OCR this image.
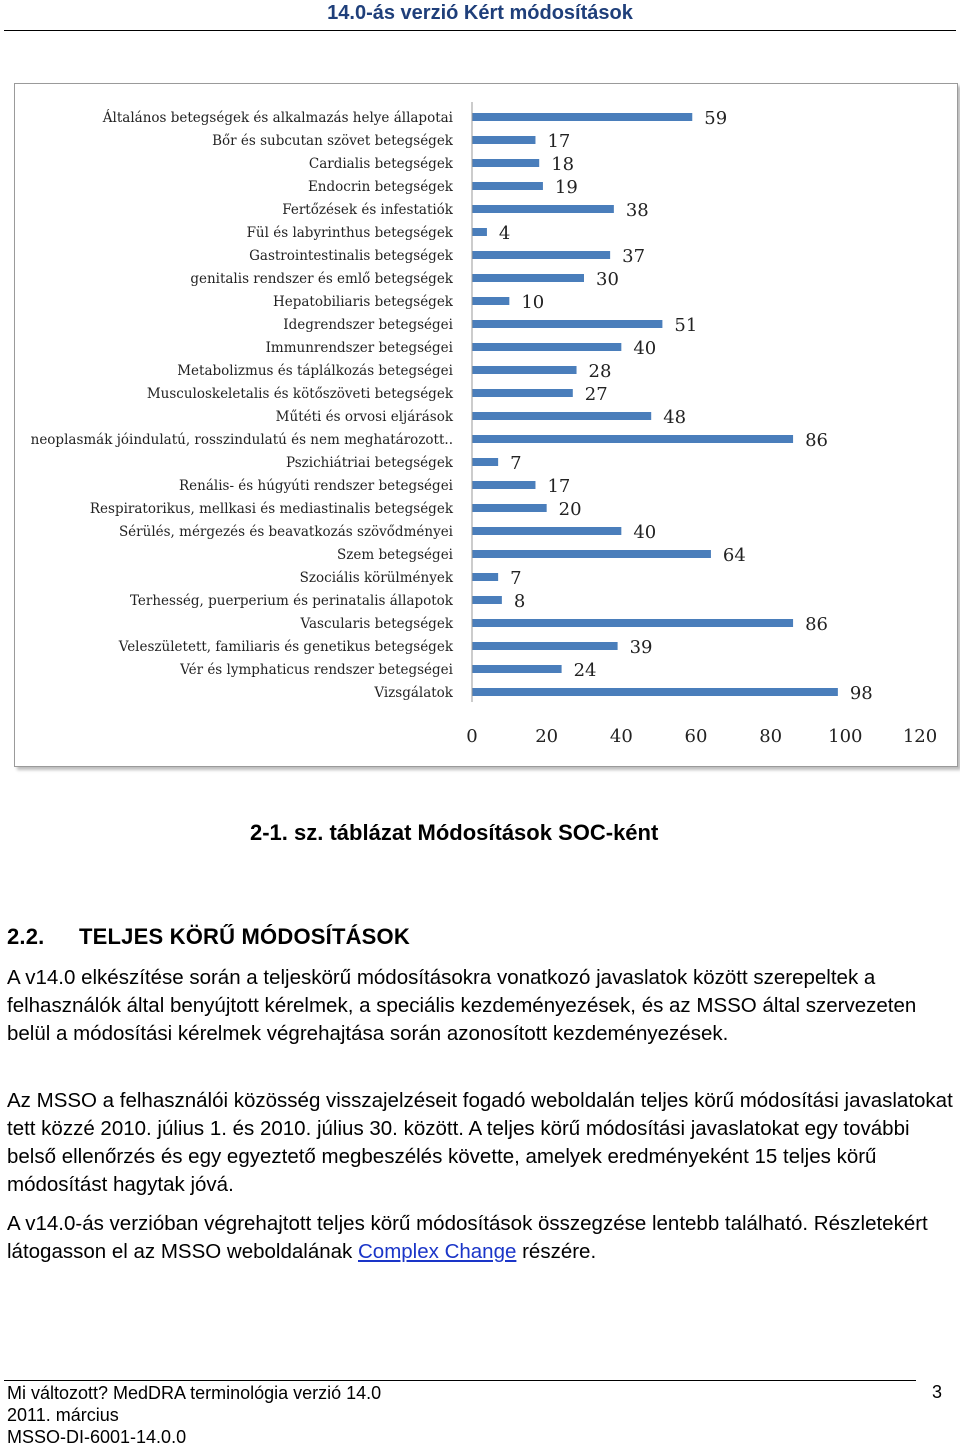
14.0-ás verzió Kért módosítások
Általános betegségek és alkalmazás helye állapotai
Bőr és subcutan szövet betegségek
Cardialis betegségek
Endocrin betegségek
Fertőzések és infestatiók
Fül és labyrinthus betegségek
Gastrointestinalis betegségek
genitalis rendszer és emlő betegségek
Hepatobiliaris betegségek
Idegrendszer betegségei
Immunrendszer betegségei
Metabolizmus és táplálkozás betegségei
Musculoskeletalis és kötőszöveti betegségek
Műtéti és orvosi eljárások
neoplasmák jóindulatú, rosszindulatú és nem meghatározott..
Pszichiátriai betegségek
Renális- és húgyúti rendszer betegségei
Respiratorikus, mellkasi és mediastinalis betegségek
Sérülés, mérgezés és beavatkozás szövődményei
Szem betegségei
Szociális körülmények
Terhesség, puerperium és perinatalis állapotok
Vascularis betegségek
Veleszületett, familiaris és genetikus betegségek
Vér és lymphaticus rendszer betegségei
Vizsgálatok
59
17
18
19
38
4
37
30
10
51
40
28
27
48
86
7
17
20
40
64
7
8
86
39
24
98
0	20	40	60	80	100 120
2-1. sz. táblázat Módosítások SOC-ként
2.2. TELJES KÖRŰ MÓDOSÍTÁSOK

A v14.0 elkészítése során a teljeskörű módosításokra vonatkozó javaslatok között szerepeltek a felhasználók által benyújtott kérelmek, a speciális kezdeményezések, és az MSSO által szervezeten belül a módosítási kérelmek végrehajtása során azonosított kezdeményezések.

Az MSSO a felhasználói közösség visszajelzéseit fogadó weboldalán teljes körű módosítási javaslatokat tett közzé 2010. július 1. és 2010. július 30. között. A teljes körű módosítási javaslatokat egy további belső ellenőrzés és egy egyeztető megbeszélés követte, amelyek eredményeként 15 teljes körű módosítást hagytak jóvá.

A v14.0-ás verzióban végrehajtott teljes körű módosítások összegzése lentebb található. Részletekért látogasson el az MSSO weboldalának Complex Change részére.

Mi változott? MedDRA terminológia verzió 14.0
2011. március
MSSO-DI-6001-14.0.0
3
